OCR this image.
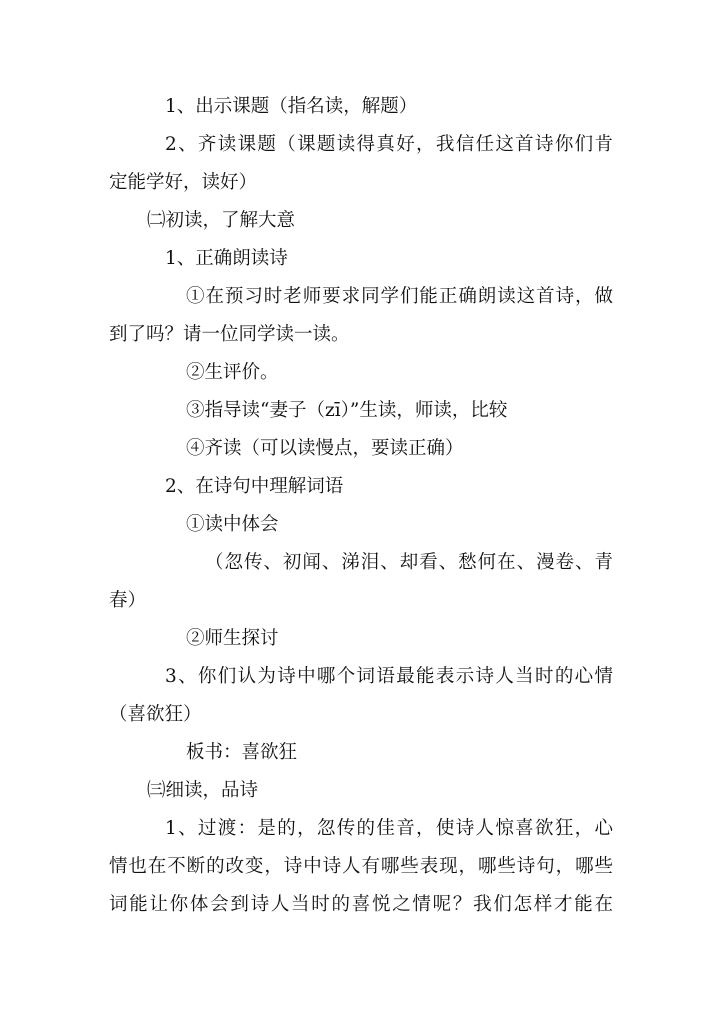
1、出示课题（指名读，解题）
2、齐读课题（课题读得真好，我信任这首诗你们肯
定能学好，读好）
㈡初读，了解大意
1、正确朗读诗
①在预习时老师要求同学们能正确朗读这首诗，做
到了吗？请一位同学读一读。
②生评价。
③指导读“妻子（zī）”生读，师读，比较
④齐读（可以读慢点，要读正确）
2、在诗句中理解词语
①读中体会
（忽传、初闻、涕泪、却看、愁何在、漫卷、青
春）
②师生探讨
3、你们认为诗中哪个词语最能表示诗人当时的心情
（喜欲狂）
板书：喜欲狂
㈢细读，品诗
1、过渡：是的，忽传的佳音，使诗人惊喜欲狂，心
情也在不断的改变，诗中诗人有哪些表现，哪些诗句，哪些
词能让你体会到诗人当时的喜悦之情呢？我们怎样才能在
